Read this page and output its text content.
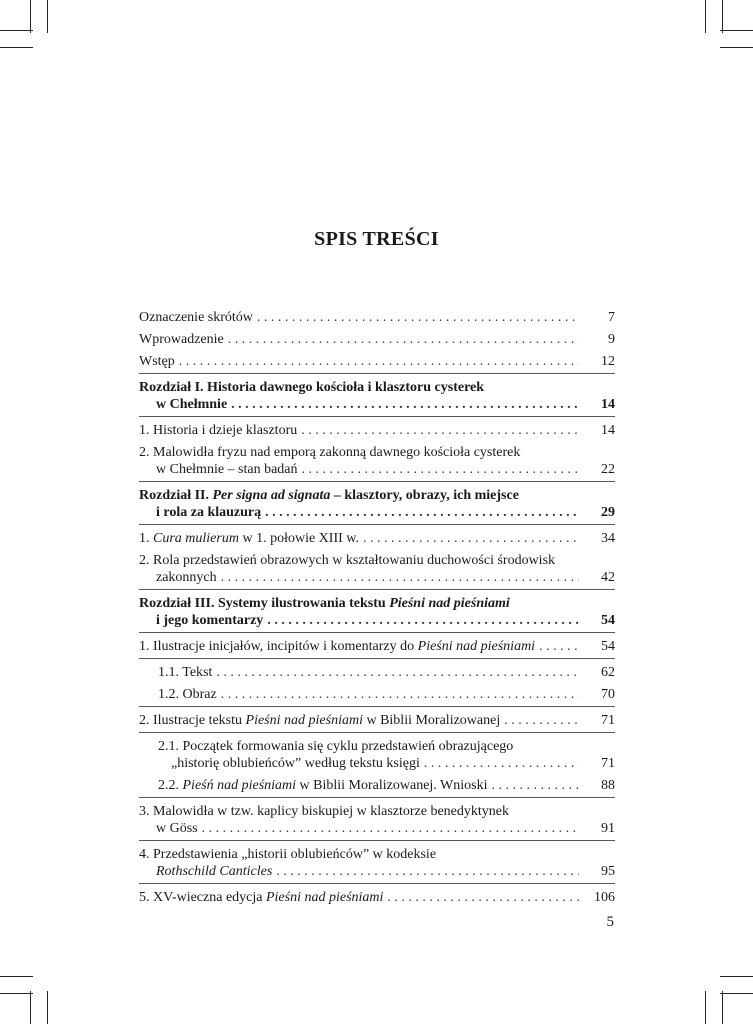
SPIS TREŚCI
Oznaczenie skrótów . . .	7
Wprowadzenie . . .	9
Wstęp . . .	12
Rozdział I. Historia dawnego kościoła i klasztoru cysterek
w Chełmnie . . .	14
1. Historia i dzieje klasztoru . . .	14
2. Malowidła fryzu nad emporą zakonną dawnego kościoła cysterek
w Chełmnie – stan badań . . .	22
Rozdział II. Per signa ad signata – klasztory, obrazy, ich miejsce
i rola za klauzurą . . .	29
1. Cura mulierum w 1. połowie XIII w. . . .	34
2. Rola przedstawień obrazowych w kształtowaniu duchowości środowisk
zakonnych . . .	42
Rozdział III. Systemy ilustrowania tekstu Pieśni nad pieśniami
i jego komentarzy . . .	54
1. Ilustracje inicjałów, incipitów i komentarzy do Pieśni nad pieśniami . . .	54
1.1. Tekst . . .	62
1.2. Obraz . . .	70
2. Ilustracje tekstu Pieśni nad pieśniami w Biblii Moralizowanej . . .	71
2.1. Początek formowania się cyklu przedstawień obrazującego
„historię oblubieńców” według tekstu księgi . . .	71
2.2. Pieśń nad pieśniami w Biblii Moralizowanej. Wnioski . . .	88
3. Malowidła w tzw. kaplicy biskupiej w klasztorze benedyktynek
w Göss . . .	91
4. Przedstawienia „historii oblubieńców” w kodeksie
Rothschild Canticles . . .	95
5. XV-wieczna edycja Pieśni nad pieśniami . . .	106
5
